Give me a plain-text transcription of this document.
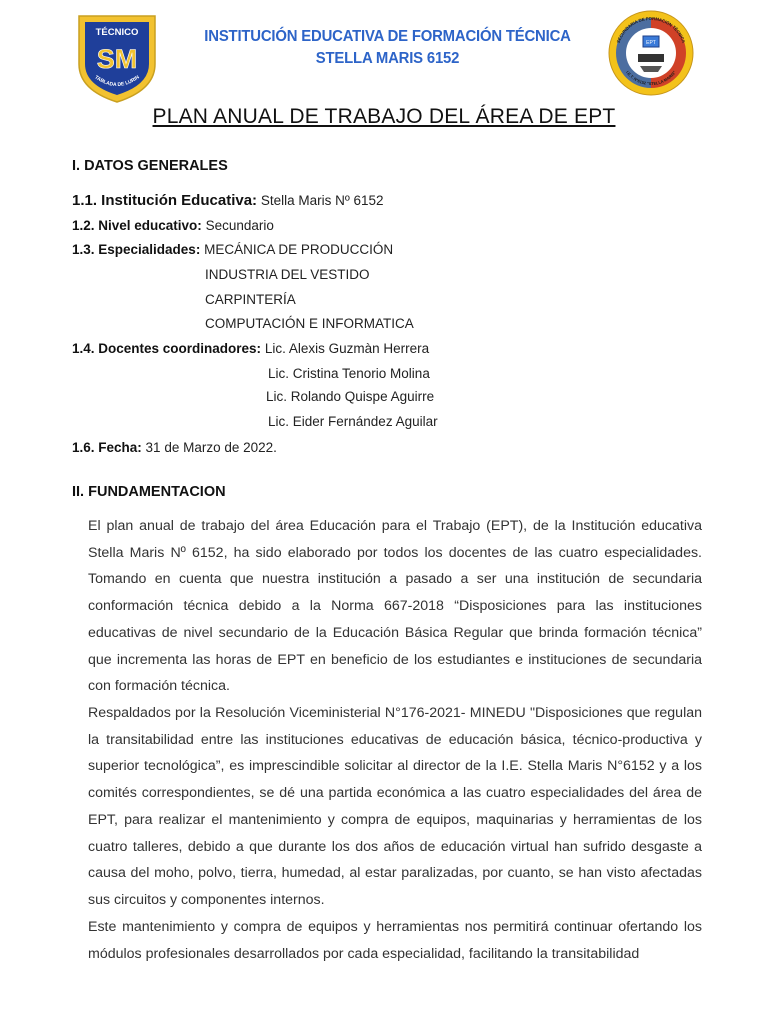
TÉCNICO
SM
TABLADA DE LURIN
INSTITUCIÓN EDUCATIVA DE FORMACIÓN TÉCNICA
STELLA MARIS 6152
EPT
SECUNDARIA DE FORMACIÓN TÉCNICA
I.E.T. N°6152 "STELLA MARIS"
PLAN ANUAL DE TRABAJO DEL ÁREA DE EPT
I. DATOS GENERALES
1.1. Institución Educativa: Stella Maris Nº 6152
1.2. Nivel educativo: Secundario
1.3. Especialidades: MECÁNICA DE PRODUCCIÓN
INDUSTRIA DEL VESTIDO
CARPINTERÍA
COMPUTACIÓN E INFORMATICA
1.4. Docentes coordinadores: Lic. Alexis Guzmàn Herrera
Lic. Cristina Tenorio Molina
Lic. Rolando Quispe Aguirre
Lic. Eider Fernández Aguilar
1.6. Fecha: 31 de Marzo de 2022.
II. FUNDAMENTACION

El plan anual de trabajo del área Educación para el Trabajo (EPT), de la Institución educativa Stella Maris Nº 6152, ha sido elaborado por todos los docentes de las cuatro especialidades. Tomando en cuenta que nuestra institución a pasado a ser una institución de secundaria conformación técnica debido a la Norma 667-2018 “Disposiciones para las instituciones educativas de nivel secundario de la Educación Básica Regular que brinda formación técnica” que incrementa las horas de EPT en beneficio de los estudiantes e instituciones de secundaria con formación técnica.

Respaldados por la Resolución Viceministerial N°176-2021- MINEDU "Disposiciones que regulan la transitabilidad entre las instituciones educativas de educación básica, técnico-productiva y superior tecnológica”, es imprescindible solicitar al director de la I.E. Stella Maris N°6152 y a los comités correspondientes, se dé una partida económica a las cuatro especialidades del área de EPT, para realizar el mantenimiento y compra de equipos, maquinarias y herramientas de los cuatro talleres, debido a que durante los dos años de educación virtual han sufrido desgaste a causa del moho, polvo, tierra, humedad, al estar paralizadas, por cuanto, se han visto afectadas sus circuitos y componentes internos.

Este mantenimiento y compra de equipos y herramientas nos permitirá continuar ofertando los módulos profesionales desarrollados por cada especialidad, facilitando la transitabilidad
